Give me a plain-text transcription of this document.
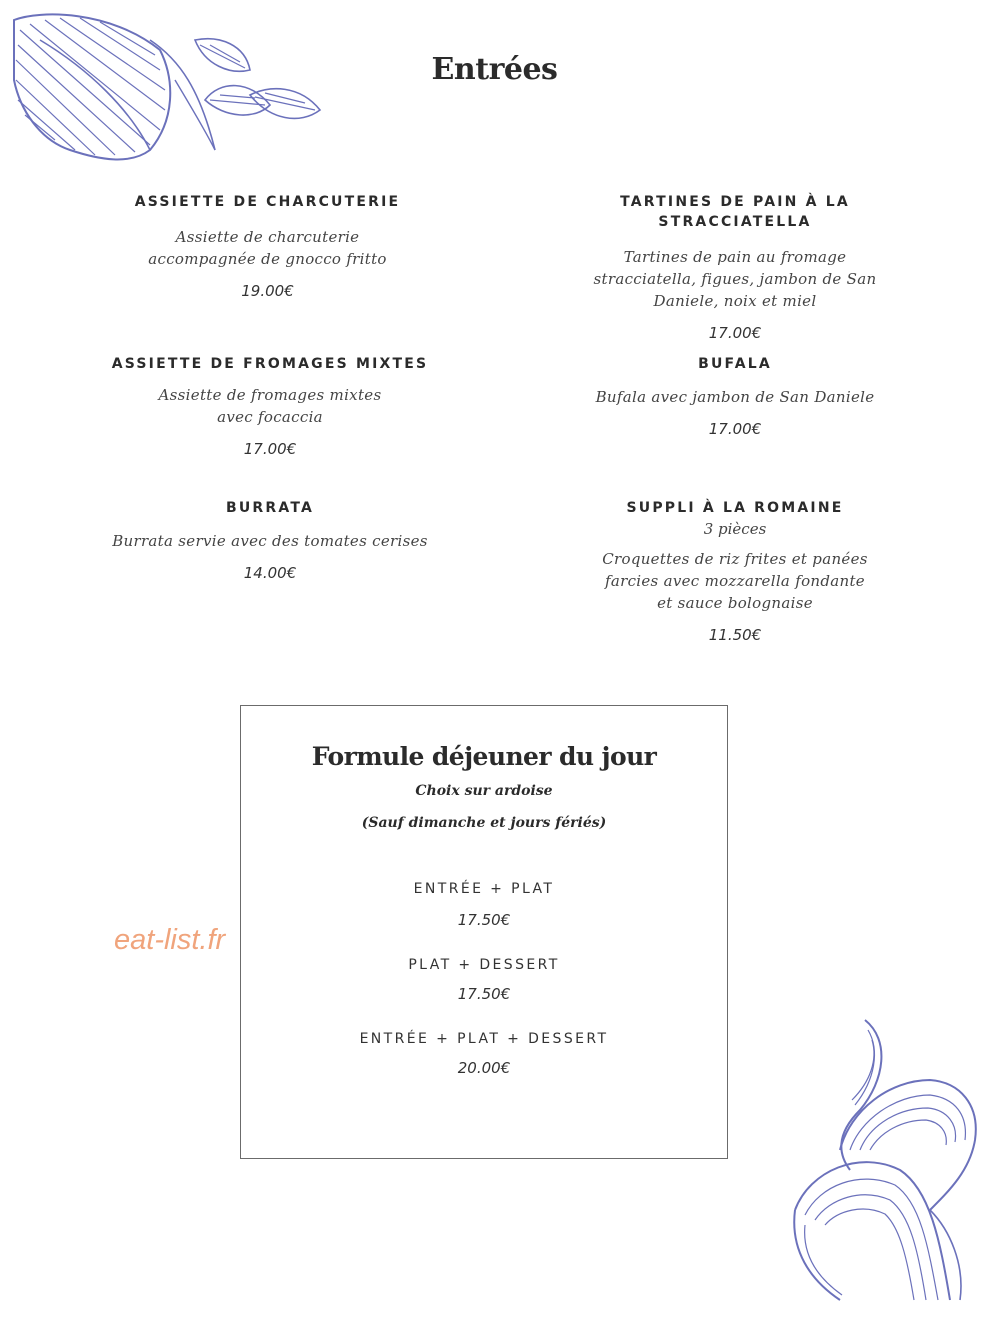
Entrées
ASSIETTE DE CHARCUTERIE
Assiette de charcuterie
accompagnée de gnocco fritto
19.00€
TARTINES DE PAIN À LA STRACCIATELLA
Tartines de pain au fromage
stracciatella, figues, jambon de San
Daniele, noix et miel
17.00€
ASSIETTE DE FROMAGES MIXTES
Assiette de fromages mixtes
avec focaccia
17.00€
BUFALA
Bufala avec jambon de San Daniele
17.00€
BURRATA
Burrata servie avec des tomates cerises
14.00€
SUPPLI À LA ROMAINE
3 pièces
Croquettes de riz frites et panées
farcies avec mozzarella fondante
et sauce bolognaise
11.50€
Formule déjeuner du jour
Choix sur ardoise
(Sauf dimanche et jours fériés)
ENTRÉE + PLAT
17.50€
PLAT + DESSERT
17.50€
ENTRÉE + PLAT + DESSERT
20.00€
eat-list.fr
